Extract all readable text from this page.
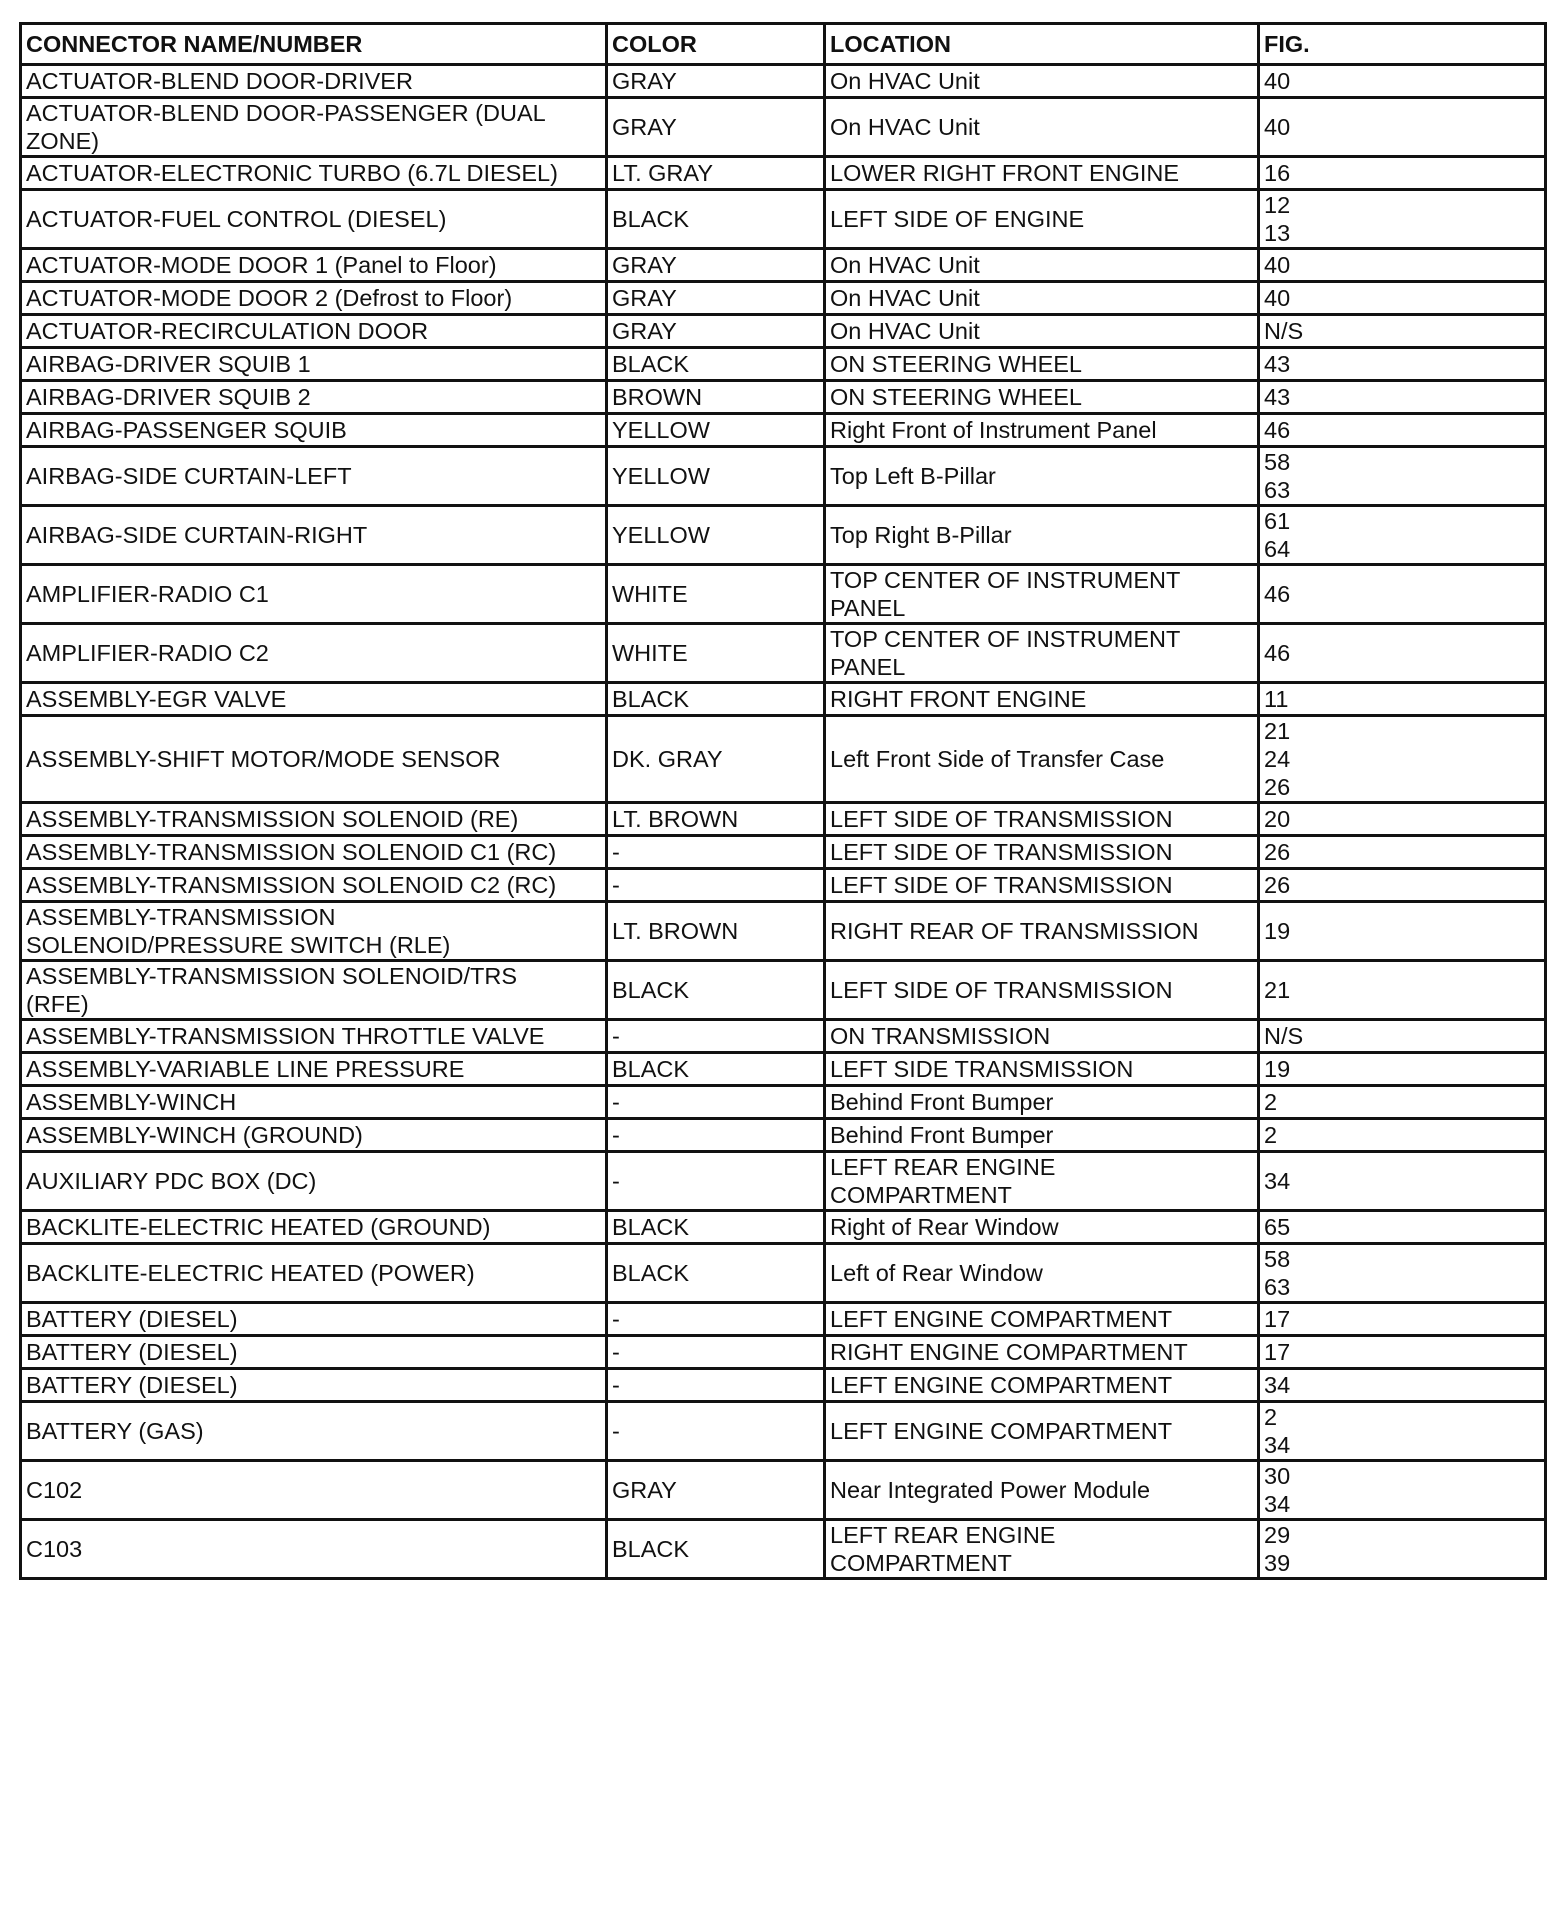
CONNECTOR NAME/NUMBER	COLOR	LOCATION	FIG.

ACTUATOR-BLEND DOOR-DRIVER	GRAY	On HVAC Unit	40

ACTUATOR-BLEND DOOR-PASSENGER (DUAL
ZONE)	GRAY	On HVAC Unit	40

ACTUATOR-ELECTRONIC TURBO (6.7L DIESEL)	LT. GRAY	LOWER RIGHT FRONT ENGINE	16

ACTUATOR-FUEL CONTROL (DIESEL)	BLACK	LEFT SIDE OF ENGINE	12
13

ACTUATOR-MODE DOOR 1 (Panel to Floor)	GRAY	On HVAC Unit	40

ACTUATOR-MODE DOOR 2 (Defrost to Floor)	GRAY	On HVAC Unit	40

ACTUATOR-RECIRCULATION DOOR	GRAY	On HVAC Unit	N/S

AIRBAG-DRIVER SQUIB 1	BLACK	ON STEERING WHEEL	43

AIRBAG-DRIVER SQUIB 2	BROWN	ON STEERING WHEEL	43

AIRBAG-PASSENGER SQUIB	YELLOW	Right Front of Instrument Panel	46

AIRBAG-SIDE CURTAIN-LEFT	YELLOW	Top Left B-Pillar	58
63

AIRBAG-SIDE CURTAIN-RIGHT	YELLOW	Top Right B-Pillar	61
64

AMPLIFIER-RADIO C1	WHITE	TOP CENTER OF INSTRUMENT
PANEL	46

AMPLIFIER-RADIO C2	WHITE	TOP CENTER OF INSTRUMENT
PANEL	46

ASSEMBLY-EGR VALVE	BLACK	RIGHT FRONT ENGINE	11

ASSEMBLY-SHIFT MOTOR/MODE SENSOR	DK. GRAY	Left Front Side of Transfer Case	21
24
26

ASSEMBLY-TRANSMISSION SOLENOID (RE)	LT. BROWN	LEFT SIDE OF TRANSMISSION	20

ASSEMBLY-TRANSMISSION SOLENOID C1 (RC)	-	LEFT SIDE OF TRANSMISSION	26

ASSEMBLY-TRANSMISSION SOLENOID C2 (RC)	-	LEFT SIDE OF TRANSMISSION	26

ASSEMBLY-TRANSMISSION
SOLENOID/PRESSURE SWITCH (RLE)	LT. BROWN	RIGHT REAR OF TRANSMISSION	19

ASSEMBLY-TRANSMISSION SOLENOID/TRS
(RFE)	BLACK	LEFT SIDE OF TRANSMISSION	21

ASSEMBLY-TRANSMISSION THROTTLE VALVE	-	ON TRANSMISSION	N/S

ASSEMBLY-VARIABLE LINE PRESSURE	BLACK	LEFT SIDE TRANSMISSION	19

ASSEMBLY-WINCH	-	Behind Front Bumper	2

ASSEMBLY-WINCH (GROUND)	-	Behind Front Bumper	2

AUXILIARY PDC BOX (DC)	-	LEFT REAR ENGINE
COMPARTMENT	34

BACKLITE-ELECTRIC HEATED (GROUND)	BLACK	Right of Rear Window	65

BACKLITE-ELECTRIC HEATED (POWER)	BLACK	Left of Rear Window	58
63

BATTERY (DIESEL)	-	LEFT ENGINE COMPARTMENT	17

BATTERY (DIESEL)	-	RIGHT ENGINE COMPARTMENT	17

BATTERY (DIESEL)	-	LEFT ENGINE COMPARTMENT	34

BATTERY (GAS)	-	LEFT ENGINE COMPARTMENT	2
34

C102	GRAY	Near Integrated Power Module	30
34

C103	BLACK	LEFT REAR ENGINE
COMPARTMENT	29
39
